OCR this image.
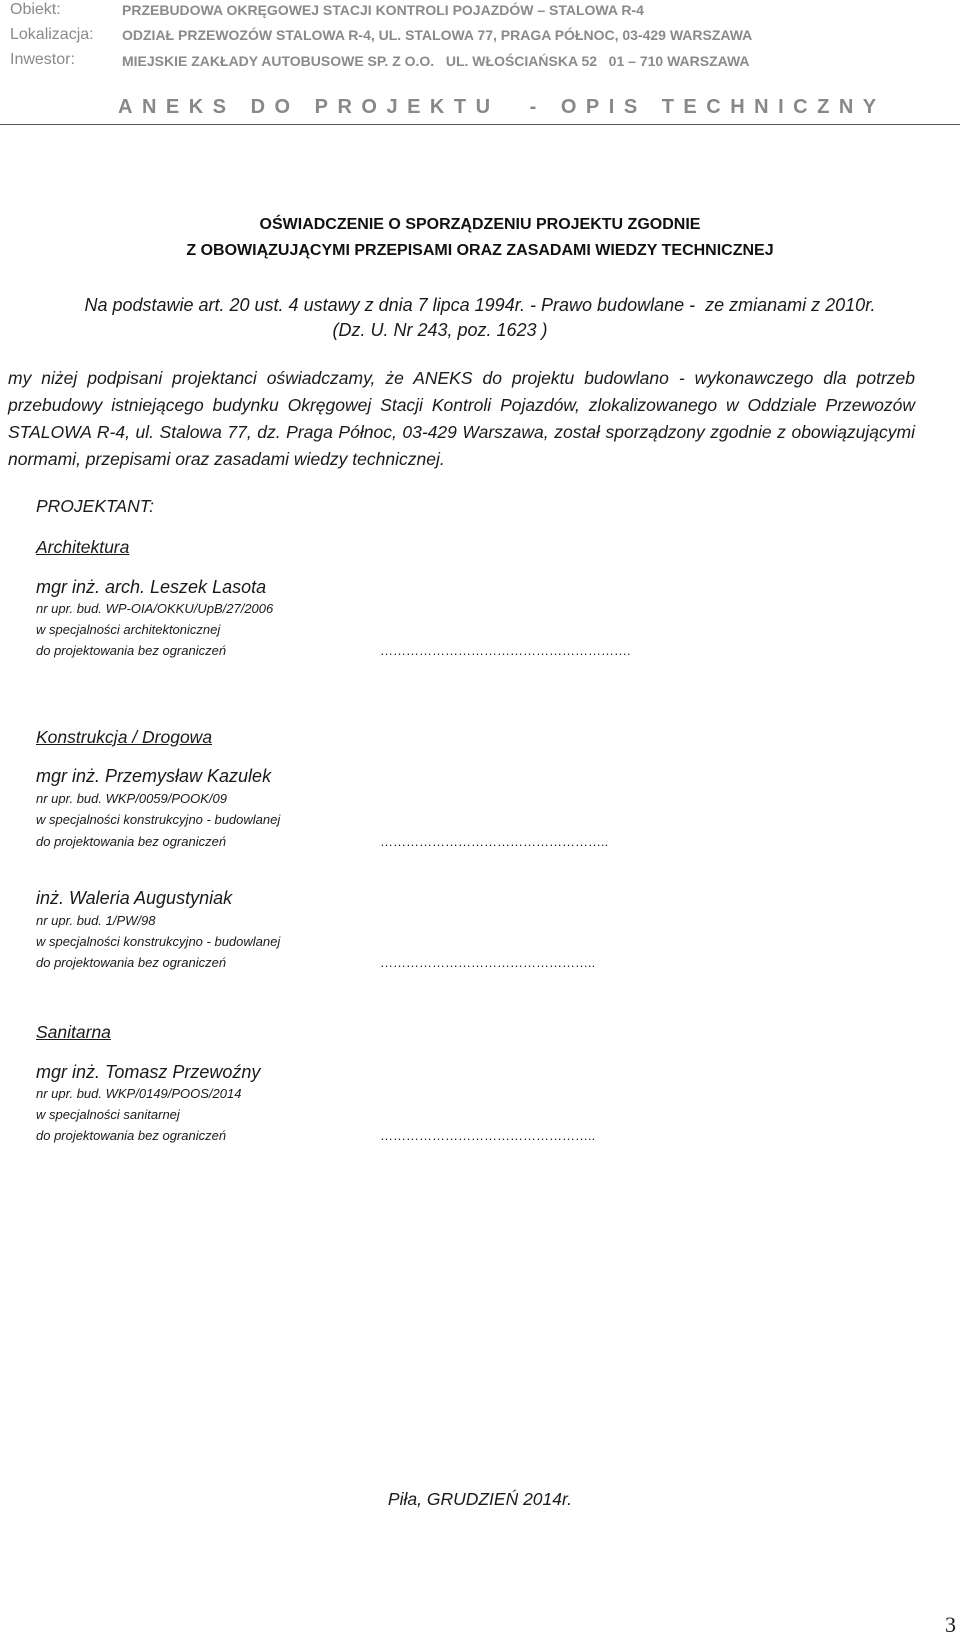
Obiekt:	PRZEBUDOWA OKRĘGOWEJ STACJI KONTROLI POJAZDÓW – STALOWA R-4
Lokalizacja: ODZIAŁ PRZEWOZÓW STALOWA R-4, UL. STALOWA 77, PRAGA PÓŁNOC, 03-429 WARSZAWA
Inwestor:	MIEJSKIE ZAKŁADY AUTOBUSOWE SP. Z O.O.   UL. WŁOŚCIAŃSKA 52   01 – 710 WARSZAWA
ANEKS DO PROJEKTU  - OPIS TECHNICZNY
OŚWIADCZENIE O SPORZĄDZENIU PROJEKTU ZGODNIE
Z OBOWIĄZUJĄCYMI PRZEPISAMI ORAZ ZASADAMI WIEDZY TECHNICZNEJ
Na podstawie art. 20 ust. 4 ustawy z dnia 7 lipca 1994r. - Prawo budowlane -  ze zmianami z 2010r.
(Dz. U. Nr 243, poz. 1623 )
my niżej podpisani projektanci oświadczamy, że ANEKS do projektu budowlano - wykonawczego dla potrzeb przebudowy istniejącego budynku Okręgowej Stacji Kontroli Pojazdów, zlokalizowanego w Oddziale Przewozów STALOWA R-4, ul. Stalowa 77, dz. Praga Północ, 03-429 Warszawa, został sporządzony zgodnie z obowiązującymi normami, przepisami oraz zasadami wiedzy technicznej.
PROJEKTANT:
Architektura
mgr inż. arch. Leszek Lasota
nr upr. bud. WP-OIA/OKKU/UpB/27/2006
w specjalności architektonicznej
do projektowania bez ograniczeń	………………………………………………….
Konstrukcja / Drogowa
mgr inż. Przemysław Kazulek
nr upr. bud. WKP/0059/POOK/09
w specjalności konstrukcyjno - budowlanej
do projektowania bez ograniczeń	……………………………………………..
inż. Waleria Augustyniak
nr upr. bud. 1/PW/98
w specjalności konstrukcyjno - budowlanej
do projektowania bez ograniczeń	…………………………………………..
Sanitarna
mgr inż. Tomasz Przewoźny
nr upr. bud. WKP/0149/POOS/2014
w specjalności sanitarnej
do projektowania bez ograniczeń	…………………………………………..
Piła, GRUDZIEŃ 2014r.
3
